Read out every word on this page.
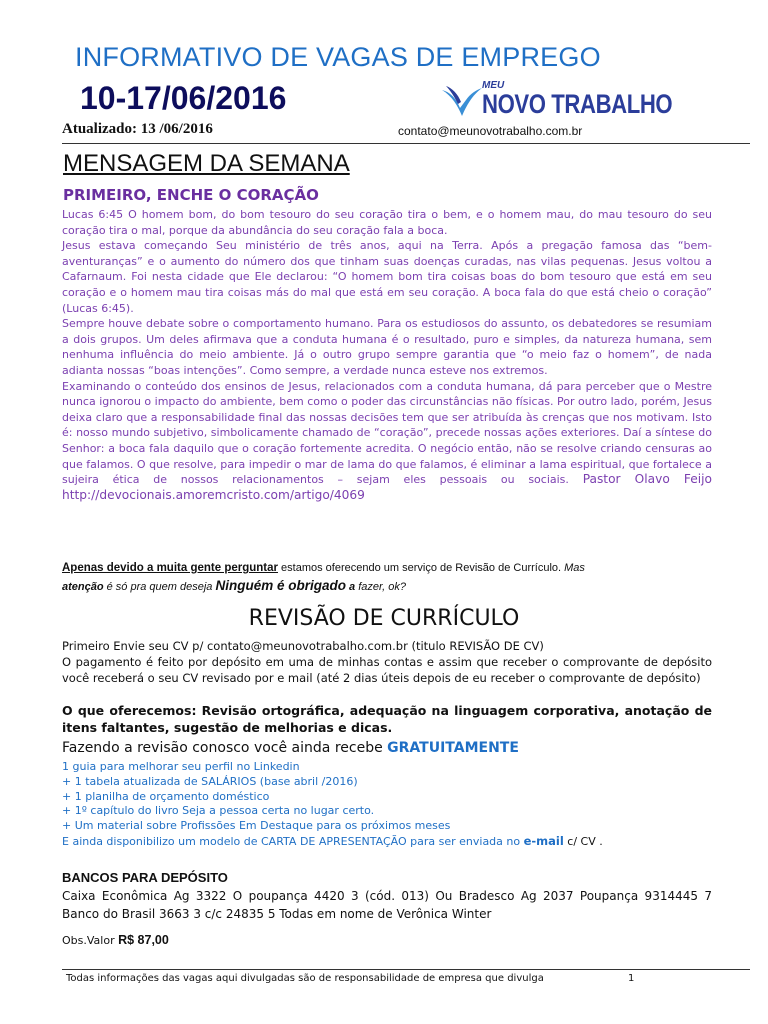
INFORMATIVO DE VAGAS DE EMPREGO
10-17/06/2016	MEU
NOVO TRABALHO
Atualizado: 13 /06/2016	contato@meunovotrabalho.com.br
MENSAGEM DA SEMANA
PRIMEIRO, ENCHE O CORAÇÃO

Lucas 6:45 O homem bom, do bom tesouro do seu coração tira o bem, e o homem mau, do mau tesouro do seu coração tira o mal, porque da abundância do seu coração fala a boca.

Jesus estava começando Seu ministério de três anos, aqui na Terra. Após a pregação famosa das “bem-aventuranças” e o aumento do número dos que tinham suas doenças curadas, nas vilas pequenas. Jesus voltou a Cafarnaum. Foi nesta cidade que Ele declarou: “O homem bom tira coisas boas do bom tesouro que está em seu coração e o homem mau tira coisas más do mal que está em seu coração. A boca fala do que está cheio o coração” (Lucas 6:45).

Sempre houve debate sobre o comportamento humano. Para os estudiosos do assunto, os debatedores se resumiam a dois grupos. Um deles afirmava que a conduta humana é o resultado, puro e simples, da natureza humana, sem nenhuma influência do meio ambiente. Já o outro grupo sempre garantia que “o meio faz o homem”, de nada adianta nossas “boas intenções”. Como sempre, a verdade nunca esteve nos extremos.

Examinando o conteúdo dos ensinos de Jesus, relacionados com a conduta humana, dá para perceber que o Mestre nunca ignorou o impacto do ambiente, bem como o poder das circunstâncias não físicas. Por outro lado, porém, Jesus deixa claro que a responsabilidade final das nossas decisões tem que ser atribuída às crenças que nos motivam. Isto é: nosso mundo subjetivo, simbolicamente chamado de “coração”, precede nossas ações exteriores. Daí a síntese do Senhor: a boca fala daquilo que o coração fortemente acredita. O negócio então, não se resolve criando censuras ao que falamos. O que resolve, para impedir o mar de lama do que falamos, é eliminar a lama espiritual, que fortalece a sujeira ética de nossos relacionamentos – sejam eles pessoais ou sociais. Pastor Olavo Feijo http://devocionais.amoremcristo.com/artigo/4069

Apenas devido a muita gente perguntar estamos oferecendo um serviço de Revisão de Currículo. Mas
atenção é só pra quem deseja Ninguém é obrigado a fazer, ok?
REVISÃO DE CURRÍCULO

Primeiro Envie seu CV p/ contato@meunovotrabalho.com.br (titulo REVISÃO DE CV)

O pagamento é feito por depósito em uma de minhas contas e assim que receber o comprovante de depósito você receberá o seu CV revisado por e mail (até 2 dias úteis depois de eu receber o comprovante de depósito)

O que oferecemos: Revisão ortográfica, adequação na linguagem corporativa, anotação de itens faltantes, sugestão de melhorias e dicas.

Fazendo a revisão conosco você ainda recebe GRATUITAMENTE
1 guia para melhorar seu perfil no Linkedin
+ 1 tabela atualizada de SALÁRIOS (base abril /2016)
+ 1 planilha de orçamento doméstico
+ 1º capítulo do livro Seja a pessoa certa no lugar certo.
+ Um material sobre Profissões Em Destaque para os próximos meses
E ainda disponibilizo um modelo de CARTA DE APRESENTAÇÃO para ser enviada no e-mail c/ CV .
BANCOS PARA DEPÓSITO

Caixa Econômica Ag 3322 O poupança 4420 3 (cód. 013) Ou Bradesco Ag 2037 Poupança 9314445 7 Banco do Brasil 3663 3 c/c 24835 5 Todas em nome de Verônica Winter

Obs.Valor R$ 87,00
Todas informações das vagas aqui divulgadas são de responsabilidade de empresa que divulga	1
